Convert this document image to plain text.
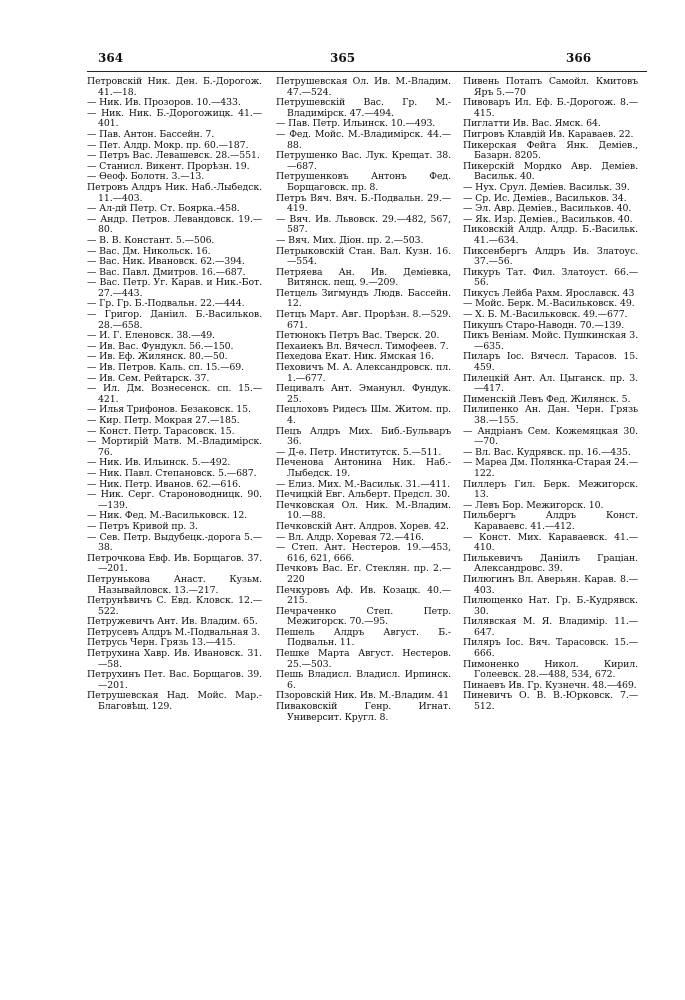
364	365	366

Петровскій Ник. Ден. Б.-Дорогож. 41.—18.

— Ник. Ив. Прозоров. 10.—433.

— Ник. Ник. Б.-Дорогожицк. 41.—401.

— Пав. Антон. Бассейн. 7.

— Пет. Алдр. Мокр. пр. 60.—187.

— Петръ Вас. Левашевск. 28.—551.

— Станисл. Викент. Прорѣзн. 19.

— Ѳеоф. Болотн. 3.—13.

Петровъ Алдръ Ник. Наб.-Лыбедск. 11.—403.

— Ал-дй Петр. Ст. Боярка.-458.

— Андр. Петров. Левандовск. 19.—80.

— В. В. Констант. 5.—506.

— Вас. Дм. Никольск. 16.

— Вас. Ник. Ивановск. 62.—394.

— Вас. Павл. Дмитров. 16.—687.

— Вас. Петр. Уг. Карав. и Ник.-Бот. 27.—443.

— Гр. Гр. Б.-Подвальн. 22.—444.

— Григор. Даніил. Б.-Васильков. 28.—658.

— И. Г. Еленовск. 38.—49.

— Ив. Вас. Фундукл. 56.—150.

— Ив. Еф. Жилянск. 80.—50.

— Ив. Петров. Каль. сп. 15.—69.

— Ив. Сем. Рейтарск. 37.

— Ил. Дм. Вознесенск. сп. 15.—421.

— Илья Трифонов. Безаковск. 15.

— Кир. Петр. Мокрая 27.—185.

— Конст. Петр. Тарасовск. 15.

— Мортирій Матв. М.-Владимірск. 76.

— Ник. Ив. Ильинск. 5.—492.

— Ник. Павл. Степановск. 5.—687.

— Ник. Петр. Иванов. 62.—616.

— Ник. Серг. Староноводницк. 90.—139.

— Ник. Фед. М.-Васильковск. 12.

— Петръ Кривой пр. 3.

— Сев. Петр. Выдубецк.-дорога 5.—38.

Петрочкова Евф. Ив. Борщагов. 37.—201.

Петрунькова Анаст. Кузьм. Называйловск. 13.—217.

Петрунѣвичъ С. Евд. Кловск. 12.—522.

Петружевичъ Ант. Ив. Владим. 65.

Петрусевъ Алдръ М.-Подвальная 3.

Петрусь Черн. Грязь 13.—415.

Петрухина Хавр. Ив. Ивановск. 31.—58.

Петрухинъ Пет. Вас. Борщагов. 39.—201.

Петрушевская Над. Мойс. Мар.-Благовѣщ. 129.

Петрушевская Ол. Ив. М.-Владим. 47.—524.

Петрушевскій Вас. Гр. М.-Владимірск. 47.—494.

— Пав. Петр. Ильинск. 10.—493.

— Фед. Мойс. М.-Владимірск. 44.—88.

Петрушенко Вас. Лук. Крещат. 38.—687.

Петрушенковъ Антонъ Фед. Борщаговск. пр. 8.

Петръ Вяч. Вяч. Б.-Подвальн. 29.—419.

— Вяч. Ив. Львовск. 29.—482, 567, 587.

— Вяч. Мих. Діон. пр. 2.—503.

Петрыковскій Стан. Вал. Кузн. 16.—554.

Петряева Ан. Ив. Деміевка, Витянск. пещ. 9.—209.

Петцель Зигмундъ Людв. Бассейн. 12.

Петцъ Март. Авг. Прорѣзн. 8.—529. 671.

Петюнокъ Петръ Вас. Тверск. 20.

Пехаиекъ Вл. Вячесл. Тимофеев. 7.

Пехедова Екат. Ник. Ямская 16.

Пеховичъ М. А. Александровск. пл. 1.—677.

Пецивалъ Ант. Эманунл. Фундук. 25.

Пецлоховъ Ридесъ Шм. Житом. пр. 4.

Пецъ Алдръ Мих. Биб.-Бульваръ 36.

— Д-ѳ. Петр. Институтск. 5.—511.

Печенова Антонина Ник. Наб.-Лыбедск. 19.

— Елиз. Мих. М.-Васильк. 31.—411.

Печицкій Евг. Альберт. Предсл. 30.

Печковская Ол. Ник. М.-Владим. 10.—88.

Печковскій Ант. Алдров. Хорев. 42.

— Вл. Алдр. Хоревая 72.—416.

— Степ. Ант. Нестеров. 19.—453, 616, 621, 666.

Печковъ Вас. Ег. Стеклян. пр. 2.—220

Печкуровъ Аф. Ив. Козацк. 40.—215.

Печраченко Степ. Петр. Межигорск. 70.—95.

Пешель Алдръ Август. Б.-Подвальн. 11.

Пешке Марта Август. Нестеров. 25.—503.

Пешь Владисл. Владисл. Ирпинск. 6.

Пзоровскій Ник. Ив. М.-Владим. 41

Пиваковскій Генр. Игнат. Университ. Кругл. 8.

Пивень Потапъ Самойл. Кмитовъ Яръ 5.—70

Пивоваръ Ил. Еф. Б.-Дорогож. 8.—415.

Пиглатти Ив. Вас. Ямск. 64.

Пигровъ Клавдій Ив. Караваев. 22.

Пикерская Фейга Янк. Деміев., Базарн. 8205.

Пикерскій Мордко Авр. Деміев. Васильк. 40.

— Нух. Срул. Деміев. Васильк. 39.

— Ср. Ис. Деміев., Васильков. 34.

— Эл. Авр. Деміев., Васильков. 40.

— Як. Изр. Деміев., Васильков. 40.

Пиковскій Алдр. Алдр. Б.-Васильк. 41.—634.

Пиксенбергъ Алдръ Ив. Златоус. 37.—56.

Пикуръ Тат. Фил. Златоуст. 66.—56.

Пикусъ Лейба Рахм. Ярославск. 43

— Мойс. Берк. М.-Васильковск. 49.

— Х. Б. М.-Васильковск. 49.—677.

Пикушъ Старо-Наводн. 70.—139.

Пикъ Веніам. Мойс. Пушкинская 3.—635.

Пиларъ Іос. Вячесл. Тарасов. 15. 459.

Пилецкій Ант. Ал. Цыганск. пр. 3.—417.

Пименскій Левъ Фед. Жилянск. 5.

Пилипенко Ан. Дан. Черн. Грязь 38.—155.

— Андріанъ Сем. Кожемяцкая 30.—70.

— Вл. Вас. Кудрявск. пр. 16.—435.

— Мареа Дм. Полянка-Старая 24.—122.

Пиллеръ Гил. Берк. Межигорск. 13.

— Левъ Бор. Межигорск. 10.

Пильбергъ Алдръ Конст. Караваевс. 41.—412.

— Конст. Мих. Караваевск. 41.—410.

Пилькевичъ Даніилъ Граціан. Александровс. 39.

Пилюгинъ Вл. Аверьян. Карав. 8.—403.

Пилющенко Нат. Гр. Б.-Кудрявск. 30.

Пилявская М. Я. Владимір. 11.—647.

Пиляръ Іос. Вяч. Тарасовск. 15.—666.

Пимоненко Никол. Кирил. Голеевск. 28.—488, 534, 672.

Пинаевъ Ив. Гр. Кузнечн. 48.—469.

Пиневичъ О. В. В.-Юрковск. 7.—512.
